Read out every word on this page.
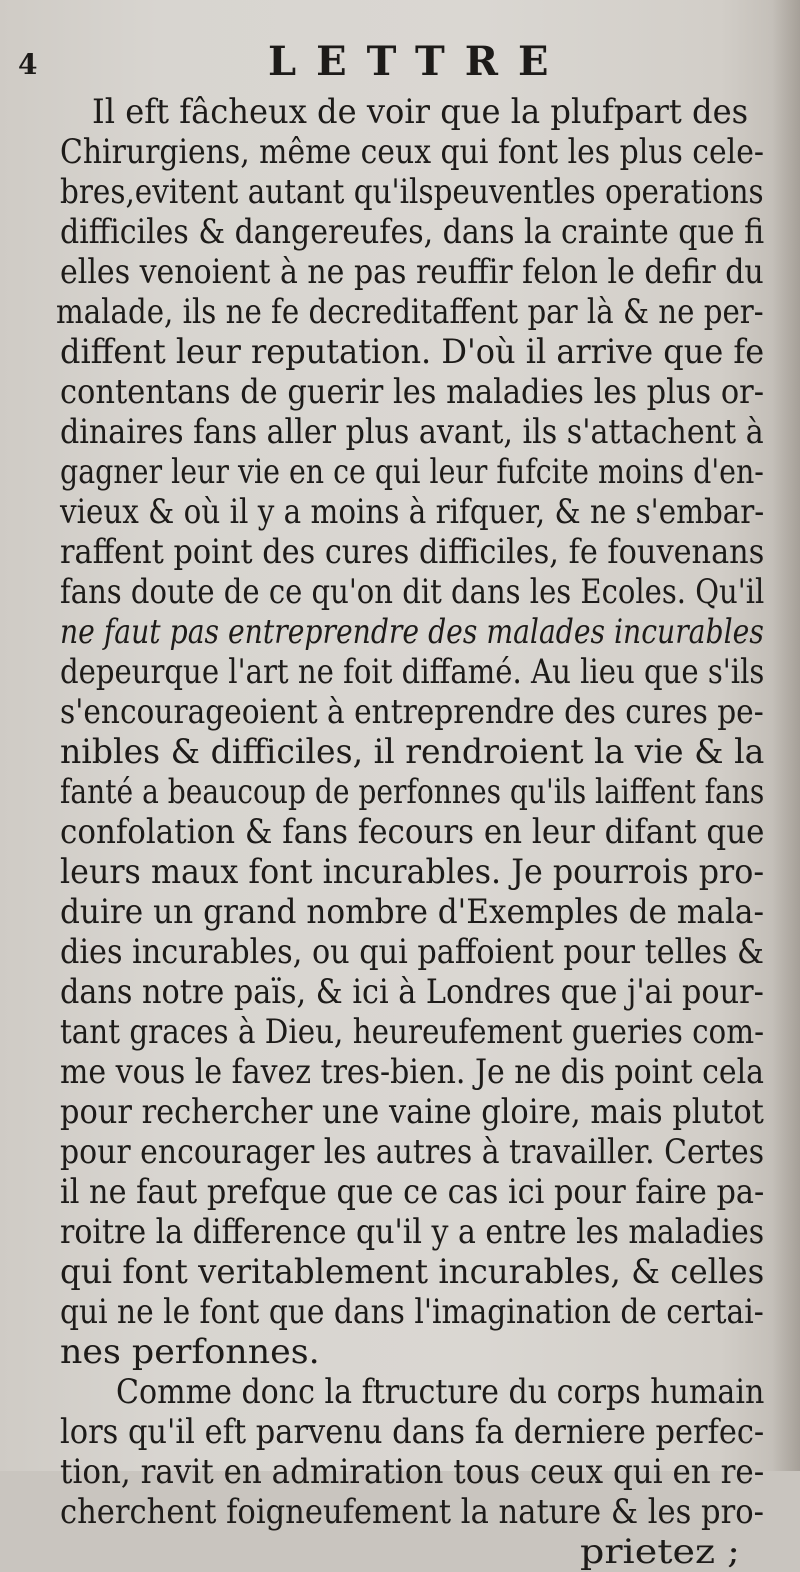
4	LETTRE
Il eft fâcheux de voir que la plufpart des
Chirurgiens, même ceux qui font les plus cele-
bres,evitent autant qu'ilspeuventles operations
difficiles & dangereufes, dans la crainte que fi
elles venoient à ne pas reuffir felon le defir du
malade, ils ne fe decreditaffent par là & ne per-
diffent leur reputation. D'où il arrive que fe
contentans de guerir les maladies les plus or-
dinaires fans aller plus avant, ils s'attachent à
gagner leur vie en ce qui leur fufcite moins d'en-
vieux & où il y a moins à rifquer, & ne s'embar-
raffent point des cures difficiles, fe fouvenans
fans doute de ce qu'on dit dans les Ecoles. Qu'il
ne faut pas entreprendre des malades incurables
depeurque l'art ne foit diffamé. Au lieu que s'ils
s'encourageoient à entreprendre des cures pe-
nibles & difficiles, il rendroient la vie & la
fanté a beaucoup de perfonnes qu'ils laiffent fans
confolation & fans fecours en leur difant que
leurs maux font incurables. Je pourrois pro-
duire un grand nombre d'Exemples de mala-
dies incurables, ou qui paffoient pour telles &
dans notre païs, & ici à Londres que j'ai pour-
tant graces à Dieu, heureufement gueries com-
me vous le favez tres-bien. Je ne dis point cela
pour rechercher une vaine gloire, mais plutot
pour encourager les autres à travailler. Certes
il ne faut prefque que ce cas ici pour faire pa-
roitre la difference qu'il y a entre les maladies
qui font veritablement incurables, & celles
qui ne le font que dans l'imagination de certai-
nes perfonnes.
Comme donc la ftructure du corps humain
lors qu'il eft parvenu dans fa derniere perfec-
tion, ravit en admiration tous ceux qui en re-
cherchent foigneufement la nature & les pro-
prietez ;
